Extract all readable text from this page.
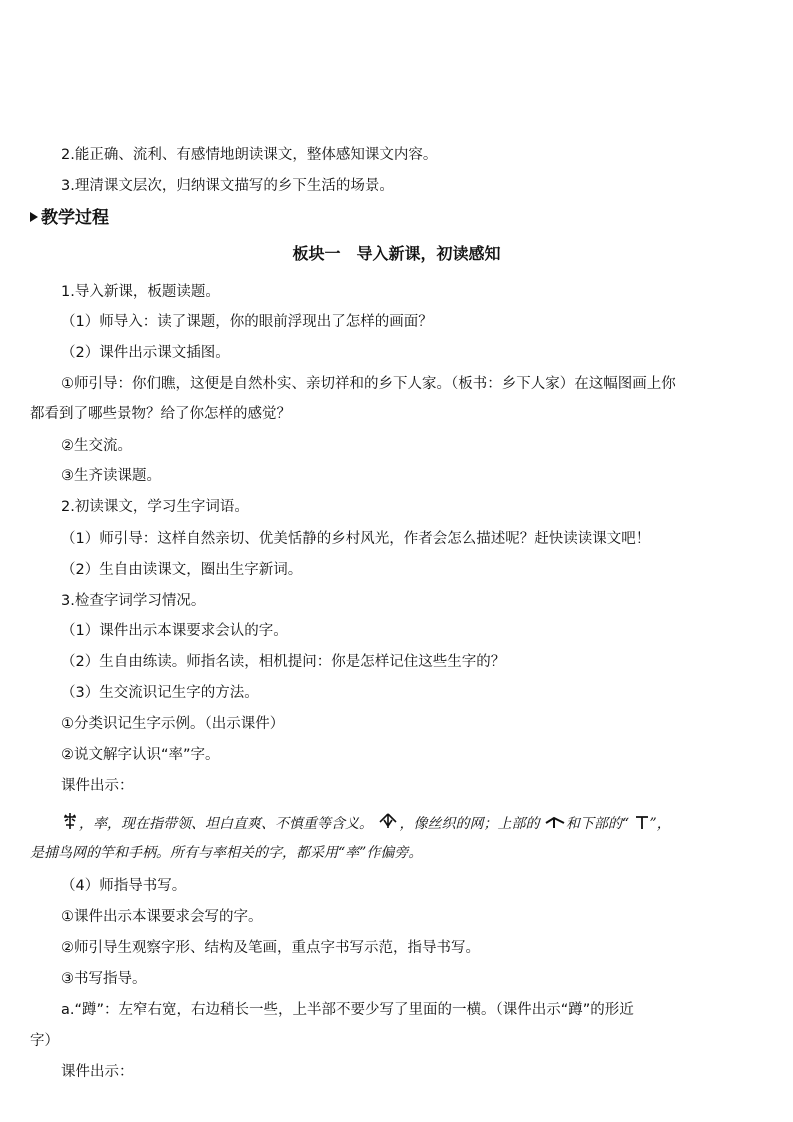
2.能正确、流利、有感情地朗读课文，整体感知课文内容。
3.理清课文层次，归纳课文描写的乡下生活的场景。
教学过程
板块一　导入新课，初读感知
1.导入新课，板题读题。
（1）师导入：读了课题，你的眼前浮现出了怎样的画面？
（2）课件出示课文插图。
①师引导：你们瞧，这便是自然朴实、亲切祥和的乡下人家。（板书：乡下人家）在这幅图画上你
都看到了哪些景物？给了你怎样的感觉？
②生交流。
③生齐读课题。
2.初读课文，学习生字词语。
（1）师引导：这样自然亲切、优美恬静的乡村风光，作者会怎么描述呢？赶快读读课文吧！
（2）生自由读课文，圈出生字新词。
3.检查字词学习情况。
（1）课件出示本课要求会认的字。
（2）生自由练读。师指名读，相机提问：你是怎样记住这些生字的？
（3）生交流识记生字的方法。
①分类识记生字示例。（出示课件）
②说文解字认识“率”字。
课件出示：
，率，现在指带领、坦白直爽、不慎重等含义。 ，像丝织的网；上部的 和下部的“ ”，
是捕鸟网的竿和手柄。所有与率相关的字，都采用“率”作偏旁。
（4）师指导书写。
①课件出示本课要求会写的字。
②师引导生观察字形、结构及笔画，重点字书写示范，指导书写。
③书写指导。
a.“蹲”：左窄右宽，右边稍长一些，上半部不要少写了里面的一横。（课件出示“蹲”的形近
字）
课件出示：
